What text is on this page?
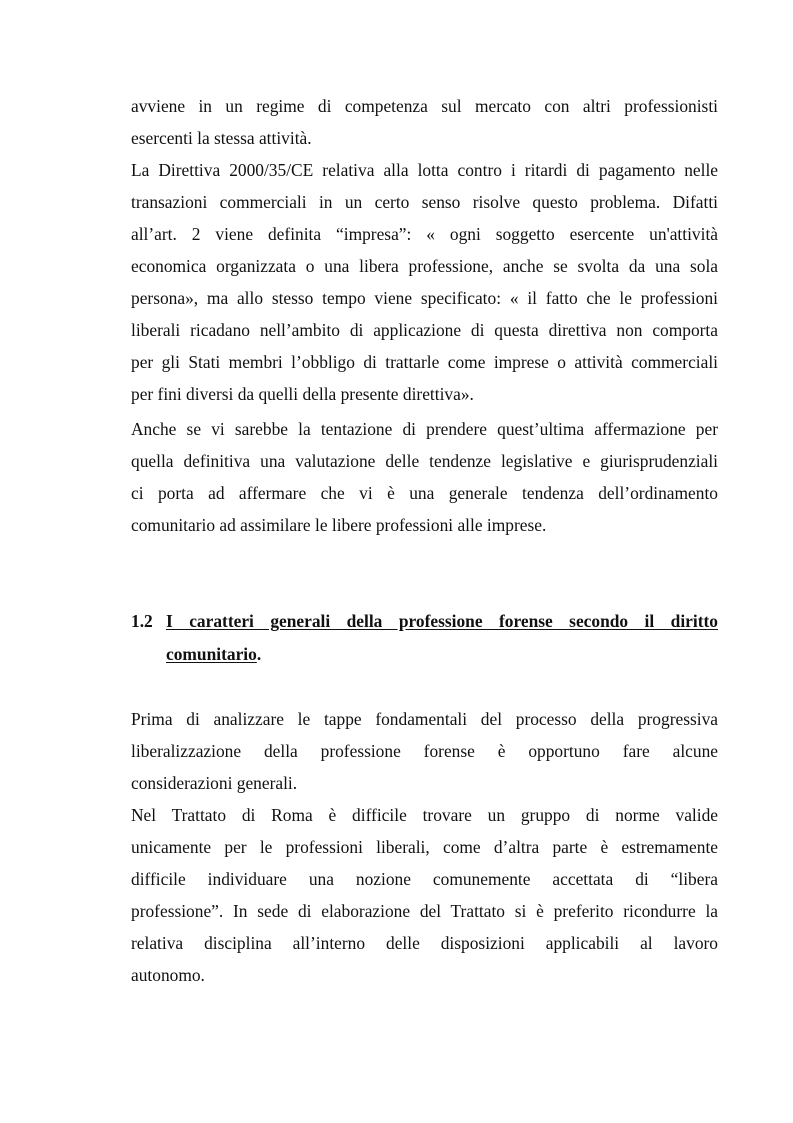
avviene in un regime di competenza sul mercato con altri professionisti
esercenti la stessa attività.
La Direttiva 2000/35/CE relativa alla lotta contro i ritardi di pagamento nelle
transazioni commerciali in un certo senso risolve questo problema. Difatti
all’art. 2 viene definita “impresa”: « ogni soggetto esercente un'attività
economica organizzata o una libera professione, anche se svolta da una sola
persona», ma allo stesso tempo viene specificato: « il fatto che le professioni
liberali ricadano nell’ambito di applicazione di questa direttiva non comporta
per gli Stati membri l’obbligo di trattarle come imprese o attività commerciali
per fini diversi da quelli della presente direttiva».
Anche se vi sarebbe la tentazione di prendere quest’ultima affermazione per
quella definitiva una valutazione delle tendenze legislative e giurisprudenziali
ci porta ad affermare che vi è una generale tendenza dell’ordinamento
comunitario ad assimilare le libere professioni alle imprese.
1.2 I caratteri generali della professione forense secondo il diritto
comunitario.
Prima di analizzare le tappe fondamentali del processo della progressiva
liberalizzazione della professione forense è opportuno fare alcune
considerazioni generali.
Nel Trattato di Roma è difficile trovare un gruppo di norme valide
unicamente per le professioni liberali, come d’altra parte è estremamente
difficile individuare una nozione comunemente accettata di “libera
professione”. In sede di elaborazione del Trattato si è preferito ricondurre la
relativa disciplina all’interno delle disposizioni applicabili al lavoro
autonomo.
